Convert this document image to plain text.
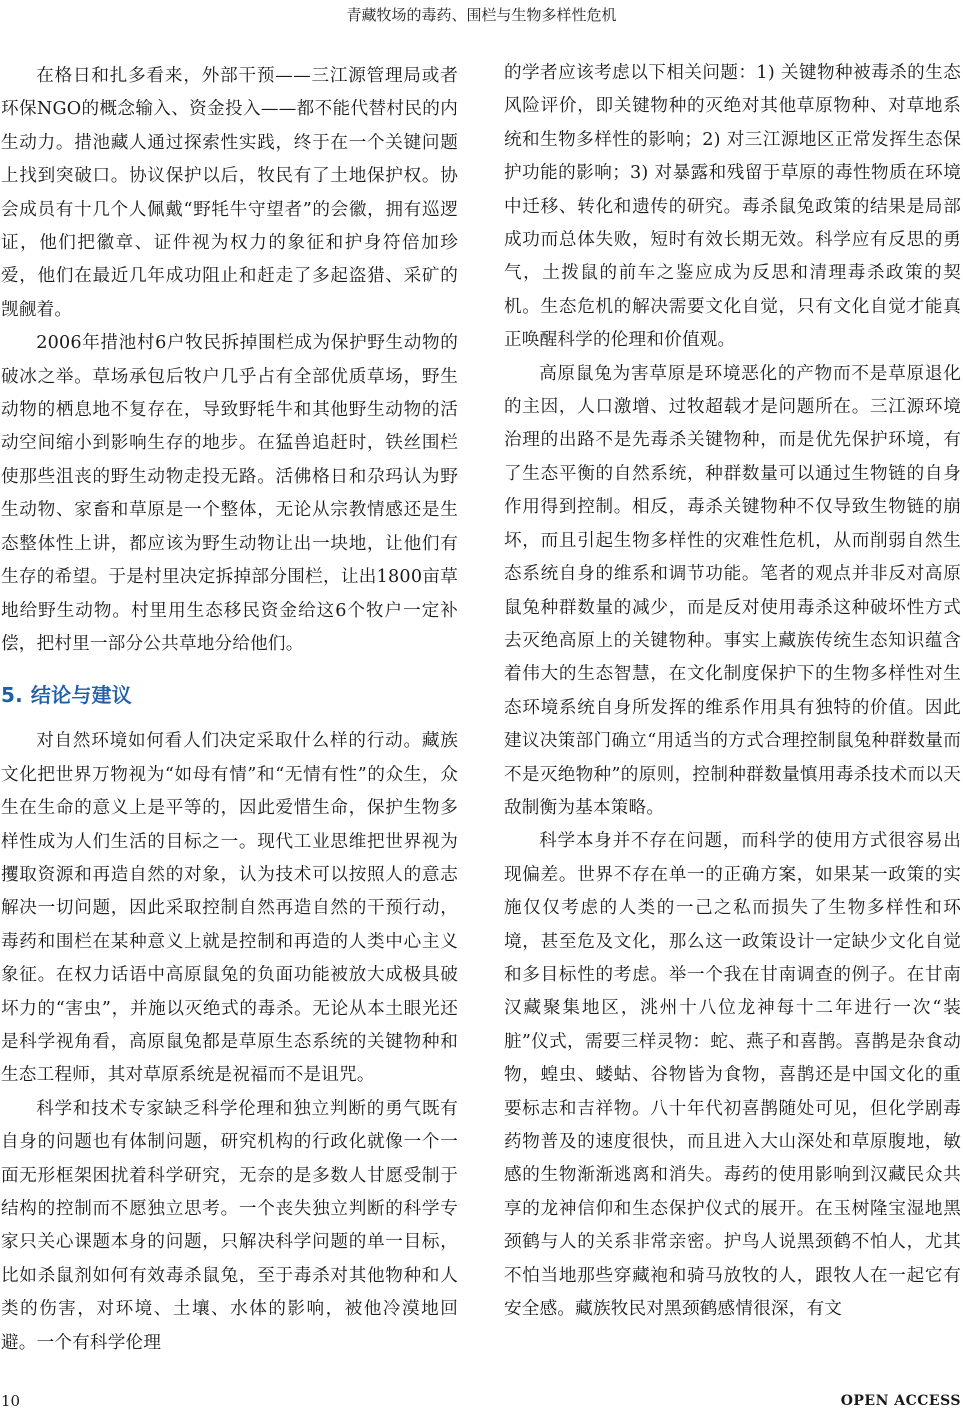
青藏牧场的毒药、围栏与生物多样性危机

在格日和扎多看来，外部干预——三江源管理局或者环保NGO的概念输入、资金投入——都不能代替村民的内生动力。措池藏人通过探索性实践，终于在一个关键问题上找到突破口。协议保护以后，牧民有了土地保护权。协会成员有十几个人佩戴“野牦牛守望者”的会徽，拥有巡逻证，他们把徽章、证件视为权力的象征和护身符倍加珍爱，他们在最近几年成功阻止和赶走了多起盗猎、采矿的觊觎着。

2006年措池村6户牧民拆掉围栏成为保护野生动物的破冰之举。草场承包后牧户几乎占有全部优质草场，野生动物的栖息地不复存在，导致野牦牛和其他野生动物的活动空间缩小到影响生存的地步。在猛兽追赶时，铁丝围栏使那些沮丧的野生动物走投无路。活佛格日和尕玛认为野生动物、家畜和草原是一个整体，无论从宗教情感还是生态整体性上讲，都应该为野生动物让出一块地，让他们有生存的希望。于是村里决定拆掉部分围栏，让出1800亩草地给野生动物。村里用生态移民资金给这6个牧户一定补偿，把村里一部分公共草地分给他们。

5. 结论与建议

对自然环境如何看人们决定采取什么样的行动。藏族文化把世界万物视为“如母有情”和“无情有性”的众生，众生在生命的意义上是平等的，因此爱惜生命，保护生物多样性成为人们生活的目标之一。现代工业思维把世界视为攫取资源和再造自然的对象，认为技术可以按照人的意志解决一切问题，因此采取控制自然再造自然的干预行动，毒药和围栏在某种意义上就是控制和再造的人类中心主义象征。在权力话语中高原鼠兔的负面功能被放大成极具破坏力的“害虫”，并施以灭绝式的毒杀。无论从本土眼光还是科学视角看，高原鼠兔都是草原生态系统的关键物种和生态工程师，其对草原系统是祝福而不是诅咒。

科学和技术专家缺乏科学伦理和独立判断的勇气既有自身的问题也有体制问题，研究机构的行政化就像一个一面无形框架困扰着科学研究，无奈的是多数人甘愿受制于结构的控制而不愿独立思考。一个丧失独立判断的科学专家只关心课题本身的问题，只解决科学问题的单一目标，比如杀鼠剂如何有效毒杀鼠兔，至于毒杀对其他物种和人类的伤害，对环境、土壤、水体的影响，被他冷漠地回避。一个有科学伦理

的学者应该考虑以下相关问题：1) 关键物种被毒杀的生态风险评价，即关键物种的灭绝对其他草原物种、对草地系统和生物多样性的影响；2) 对三江源地区正常发挥生态保护功能的影响；3) 对暴露和残留于草原的毒性物质在环境中迁移、转化和遗传的研究。毒杀鼠兔政策的结果是局部成功而总体失败，短时有效长期无效。科学应有反思的勇气，土拨鼠的前车之鉴应成为反思和清理毒杀政策的契机。生态危机的解决需要文化自觉，只有文化自觉才能真正唤醒科学的伦理和价值观。

高原鼠兔为害草原是环境恶化的产物而不是草原退化的主因，人口激增、过牧超载才是问题所在。三江源环境治理的出路不是先毒杀关键物种，而是优先保护环境，有了生态平衡的自然系统，种群数量可以通过生物链的自身作用得到控制。相反，毒杀关键物种不仅导致生物链的崩坏，而且引起生物多样性的灾难性危机，从而削弱自然生态系统自身的维系和调节功能。笔者的观点并非反对高原鼠兔种群数量的减少，而是反对使用毒杀这种破坏性方式去灭绝高原上的关键物种。事实上藏族传统生态知识蕴含着伟大的生态智慧，在文化制度保护下的生物多样性对生态环境系统自身所发挥的维系作用具有独特的价值。因此建议决策部门确立“用适当的方式合理控制鼠兔种群数量而不是灭绝物种”的原则，控制种群数量慎用毒杀技术而以天敌制衡为基本策略。

科学本身并不存在问题，而科学的使用方式很容易出现偏差。世界不存在单一的正确方案，如果某一政策的实施仅仅考虑的人类的一己之私而损失了生物多样性和环境，甚至危及文化，那么这一政策设计一定缺少文化自觉和多目标性的考虑。举一个我在甘南调查的例子。在甘南汉藏聚集地区，洮州十八位龙神每十二年进行一次“装脏”仪式，需要三样灵物：蛇、燕子和喜鹊。喜鹊是杂食动物，蝗虫、蝼蛄、谷物皆为食物，喜鹊还是中国文化的重要标志和吉祥物。八十年代初喜鹊随处可见，但化学剧毒药物普及的速度很快，而且进入大山深处和草原腹地，敏感的生物渐渐逃离和消失。毒药的使用影响到汉藏民众共享的龙神信仰和生态保护仪式的展开。在玉树隆宝湿地黑颈鹤与人的关系非常亲密。护鸟人说黑颈鹤不怕人，尤其不怕当地那些穿藏袍和骑马放牧的人，跟牧人在一起它有安全感。藏族牧民对黑颈鹤感情很深，有文

10	OPEN ACCESS
